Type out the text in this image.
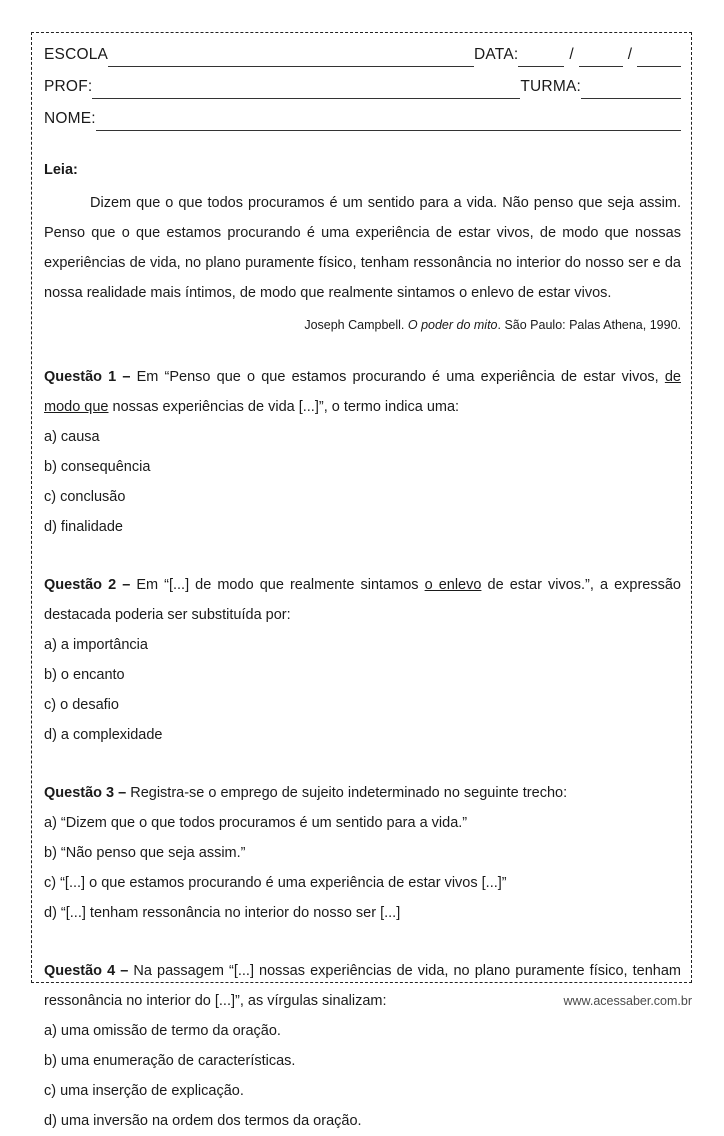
ESCOLA	DATA:	/	/
PROF:	TURMA:
NOME:
Leia:

Dizem que o que todos procuramos é um sentido para a vida. Não penso que seja assim. Penso que o que estamos procurando é uma experiência de estar vivos, de modo que nossas experiências de vida, no plano puramente físico, tenham ressonância no interior do nosso ser e da nossa realidade mais íntimos, de modo que realmente sintamos o enlevo de estar vivos.

Joseph Campbell. O poder do mito. São Paulo: Palas Athena, 1990.

Questão 1 – Em “Penso que o que estamos procurando é uma experiência de estar vivos, de modo que nossas experiências de vida [...]”, o termo indica uma:

a) causa

b) consequência

c) conclusão

d) finalidade

Questão 2 – Em “[...] de modo que realmente sintamos o enlevo de estar vivos.”, a expressão destacada poderia ser substituída por:

a) a importância

b) o encanto

c) o desafio

d) a complexidade

Questão 3 – Registra-se o emprego de sujeito indeterminado no seguinte trecho:

a) “Dizem que o que todos procuramos é um sentido para a vida.”

b) “Não penso que seja assim.”

c) “[...] o que estamos procurando é uma experiência de estar vivos [...]”

d) “[...] tenham ressonância no interior do nosso ser [...]

Questão 4 – Na passagem “[...] nossas experiências de vida, no plano puramente físico, tenham ressonância no interior do [...]”, as vírgulas sinalizam:

a) uma omissão de termo da oração.

b) uma enumeração de características.

c) uma inserção de explicação.

d) uma inversão na ordem dos termos da oração.

www.acessaber.com.br
